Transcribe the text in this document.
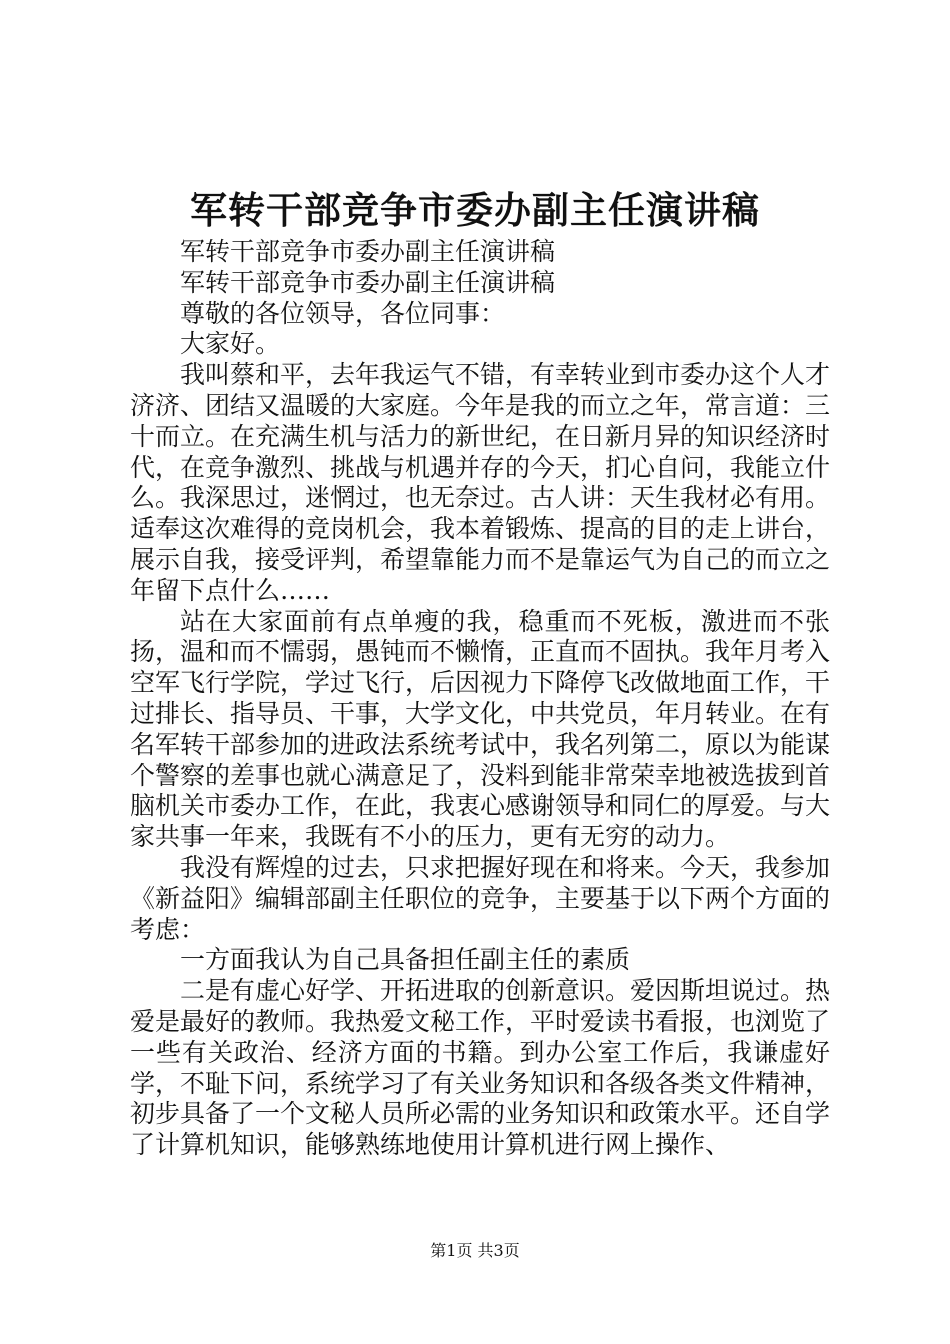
军转干部竞争市委办副主任演讲稿

军转干部竞争市委办副主任演讲稿

军转干部竞争市委办副主任演讲稿

尊敬的各位领导，各位同事：

大家好。

我叫蔡和平，去年我运气不错，有幸转业到市委办这个人才济济、团结又温暖的大家庭。今年是我的而立之年，常言道：三十而立。在充满生机与活力的新世纪，在日新月异的知识经济时代，在竞争激烈、挑战与机遇并存的今天，扪心自问，我能立什么。我深思过，迷惘过，也无奈过。古人讲：天生我材必有用。适奉这次难得的竞岗机会，我本着锻炼、提高的目的走上讲台，展示自我，接受评判，希望靠能力而不是靠运气为自己的而立之年留下点什么……

站在大家面前有点单瘦的我，稳重而不死板，激进而不张扬，温和而不懦弱，愚钝而不懒惰，正直而不固执。我年月考入空军飞行学院，学过飞行，后因视力下降停飞改做地面工作，干过排长、指导员、干事，大学文化，中共党员，年月转业。在有名军转干部参加的进政法系统考试中，我名列第二，原以为能谋个警察的差事也就心满意足了，没料到能非常荣幸地被选拔到首脑机关市委办工作，在此，我衷心感谢领导和同仁的厚爱。与大家共事一年来，我既有不小的压力，更有无穷的动力。

我没有辉煌的过去，只求把握好现在和将来。今天，我参加《新益阳》编辑部副主任职位的竞争，主要基于以下两个方面的考虑：

一方面我认为自己具备担任副主任的素质

二是有虚心好学、开拓进取的创新意识。爱因斯坦说过。热爱是最好的教师。我热爱文秘工作，平时爱读书看报，也浏览了一些有关政治、经济方面的书籍。到办公室工作后，我谦虚好学，不耻下问，系统学习了有关业务知识和各级各类文件精神，初步具备了一个文秘人员所必需的业务知识和政策水平。还自学了计算机知识，能够熟练地使用计算机进行网上操作、

第1页 共3页
